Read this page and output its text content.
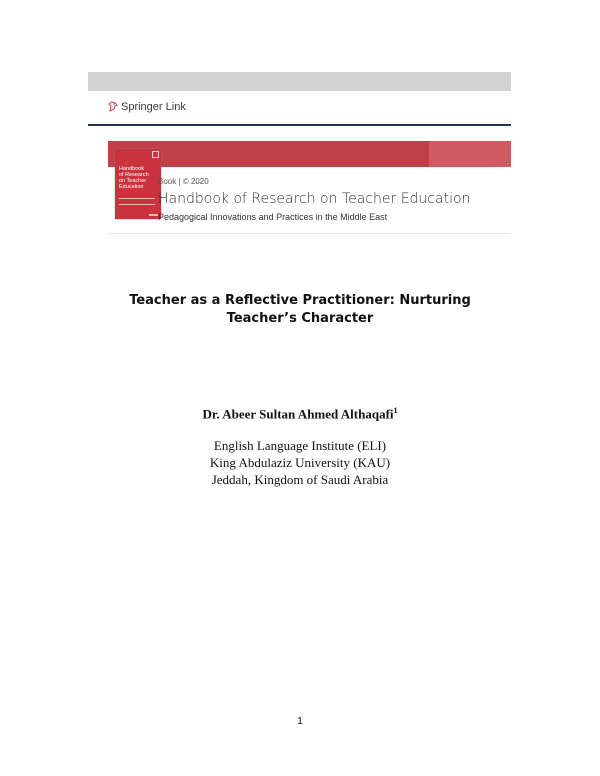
Springer Link
Handbook
of Research
on Teacher
Education
Book | © 2020
Handbook of Research on Teacher Education
Pedagogical Innovations and Practices in the Middle East
Teacher as a Reflective Practitioner: Nurturing
Teacher’s Character
Dr. Abeer Sultan Ahmed Althaqafi$^1$
English Language Institute (ELI)
King Abdulaziz University (KAU)
Jeddah, Kingdom of Saudi Arabia
1
